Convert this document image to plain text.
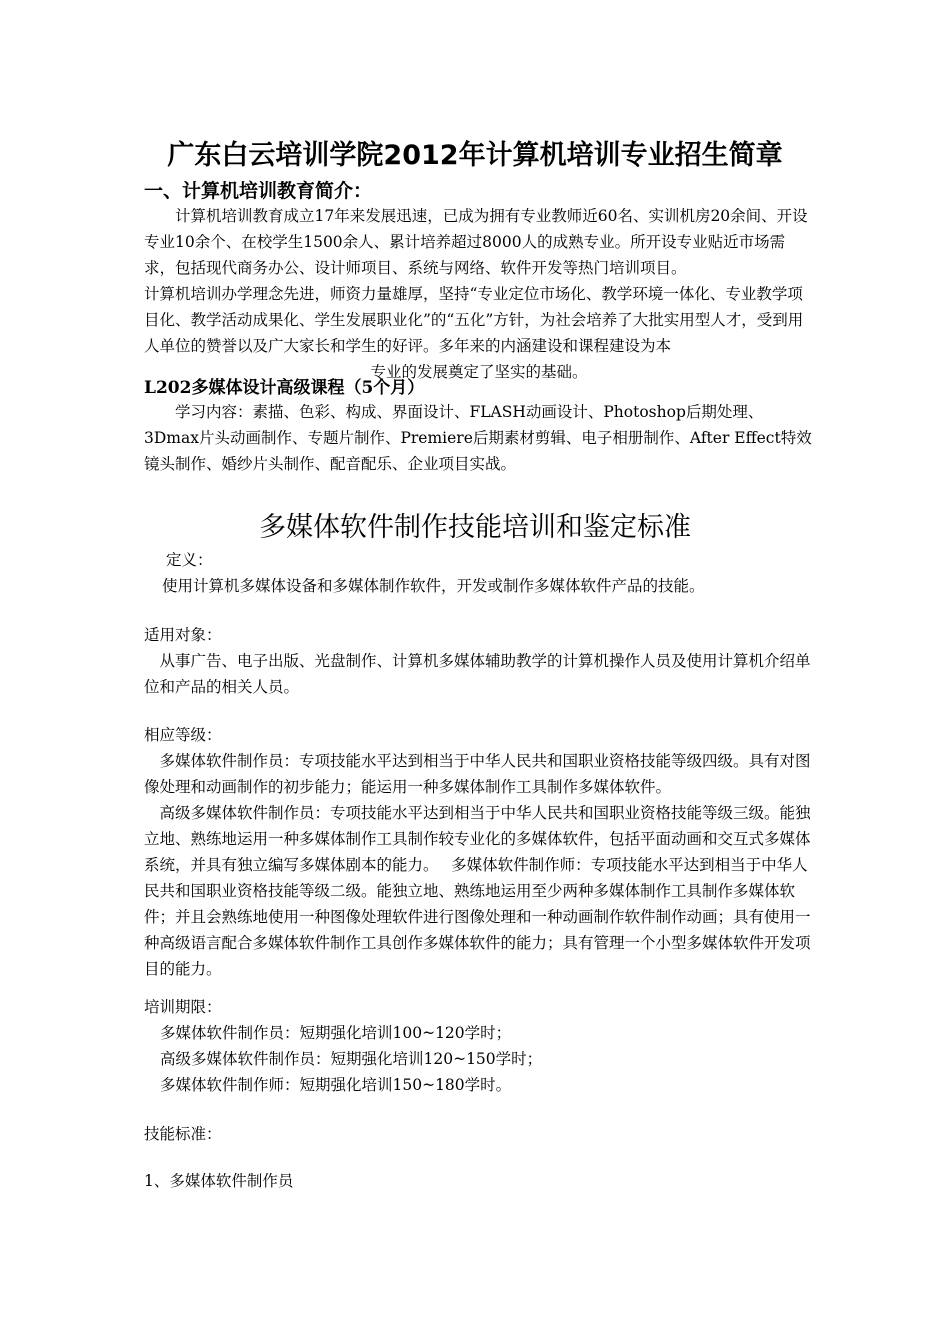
广东白云培训学院2012年计算机培训专业招生简章
一、计算机培训教育简介：

计算机培训教育成立17年来发展迅速，已成为拥有专业教师近60名、实训机房20余间、开设专业10余个、在校学生1500余人、累计培养超过8000人的成熟专业。所开设专业贴近市场需求，包括现代商务办公、设计师项目、系统与网络、软件开发等热门培训项目。

计算机培训办学理念先进，师资力量雄厚，坚持“专业定位市场化、教学环境一体化、专业教学项目化、教学活动成果化、学生发展职业化”的“五化”方针，为社会培养了大批实用型人才，受到用人单位的赞誉以及广大家长和学生的好评。多年来的内涵建设和课程建设为本

专业的发展奠定了坚实的基础。

L202多媒体设计高级课程（5个月）

学习内容：素描、色彩、构成、界面设计、FLASH动画设计、Photoshop后期处理、3Dmax片头动画制作、专题片制作、Premiere后期素材剪辑、电子相册制作、After Effect特效镜头制作、婚纱片头制作、配音配乐、企业项目实战。

多媒体软件制作技能培训和鉴定标准

定义：

使用计算机多媒体设备和多媒体制作软件，开发或制作多媒体软件产品的技能。

适用对象：

从事广告、电子出版、光盘制作、计算机多媒体辅助教学的计算机操作人员及使用计算机介绍单位和产品的相关人员。

相应等级：

多媒体软件制作员：专项技能水平达到相当于中华人民共和国职业资格技能等级四级。具有对图像处理和动画制作的初步能力；能运用一种多媒体制作工具制作多媒体软件。

高级多媒体软件制作员：专项技能水平达到相当于中华人民共和国职业资格技能等级三级。能独立地、熟练地运用一种多媒体制作工具制作较专业化的多媒体软件，包括平面动画和交互式多媒体系统，并具有独立编写多媒体剧本的能力。　 多媒体软件制作师：专项技能水平达到相当于中华人民共和国职业资格技能等级二级。能独立地、熟练地运用至少两种多媒体制作工具制作多媒体软件；并且会熟练地使用一种图像处理软件进行图像处理和一种动画制作软件制作动画；具有使用一种高级语言配合多媒体软件制作工具创作多媒体软件的能力；具有管理一个小型多媒体软件开发项目的能力。

培训期限：

多媒体软件制作员：短期强化培训100~120学时；

高级多媒体软件制作员：短期强化培训120~150学时；

多媒体软件制作师：短期强化培训150~180学时。

技能标准：

1、多媒体软件制作员
